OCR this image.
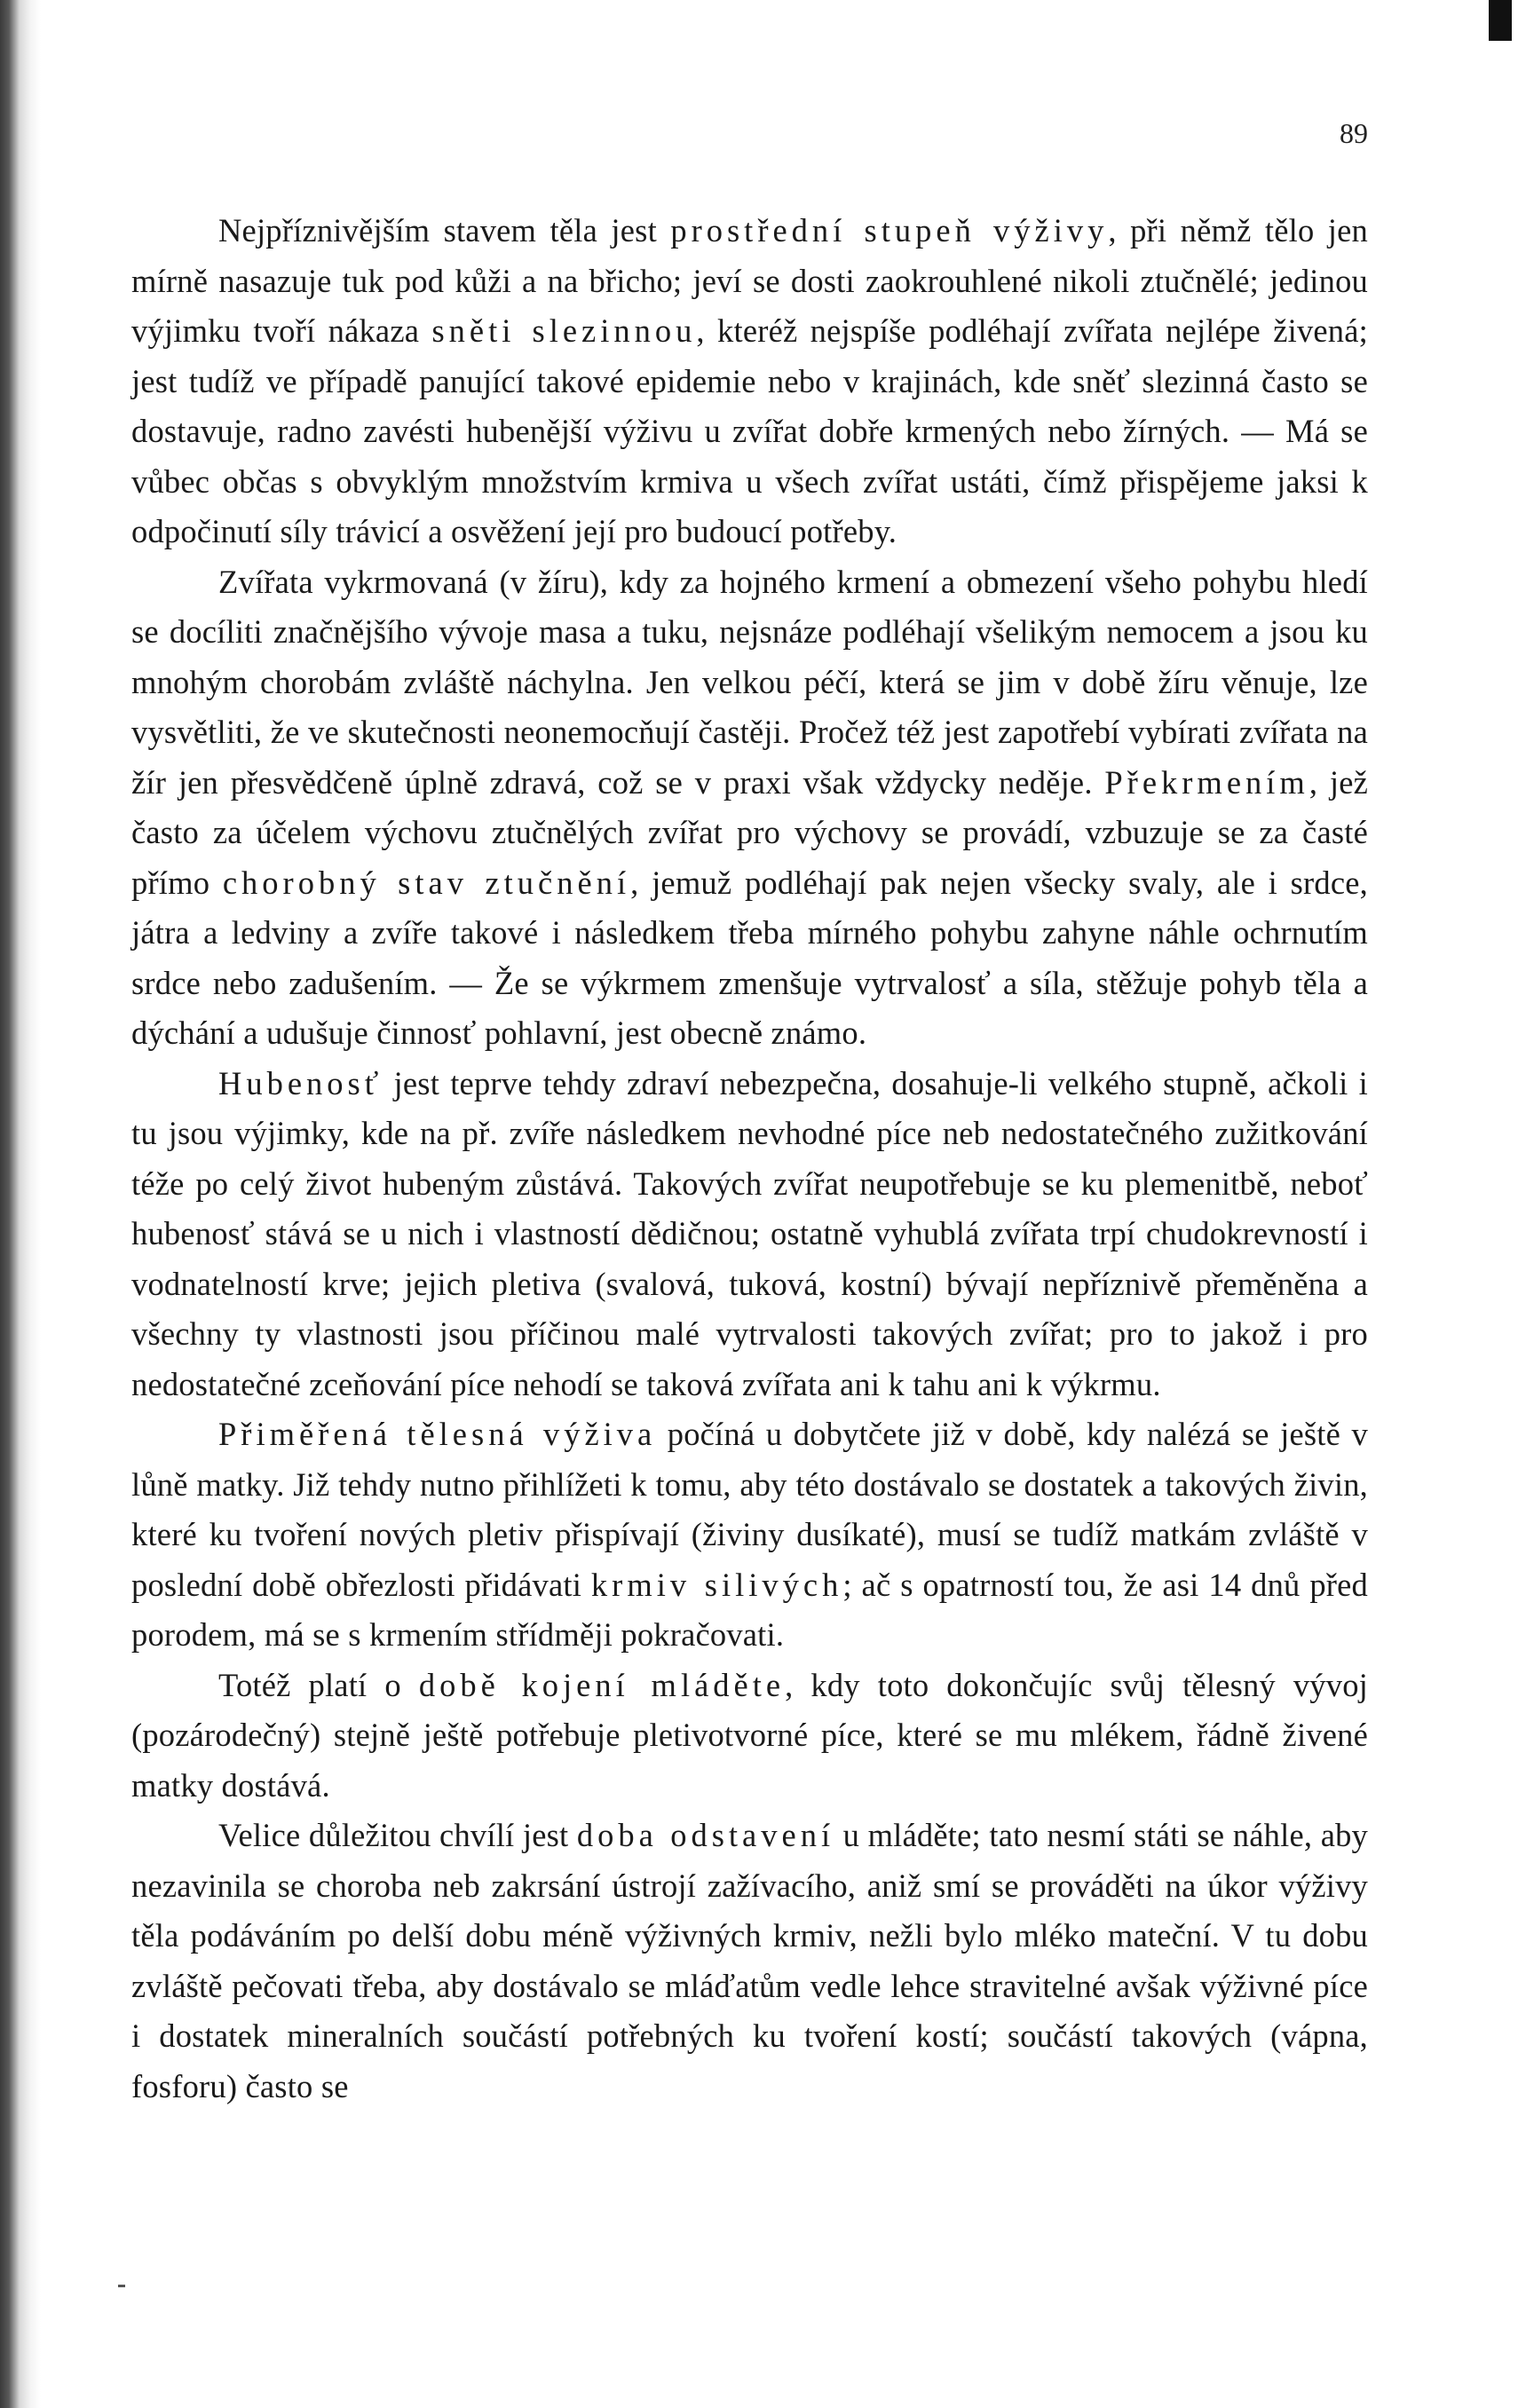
89

Nejpříznivějším stavem těla jest prostřední stupeň výživy, při němž tělo jen mírně nasazuje tuk pod kůži a na břicho; jeví se dosti zaokrouhlené nikoli ztučnělé; jedinou výjimku tvoří nákaza sněti slezinnou, kteréž nejspíše podléhají zvířata nejlépe živená; jest tudíž ve případě panující takové epidemie nebo v krajinách, kde sněť slezinná často se dostavuje, radno zavésti hubenější výživu u zvířat dobře krmených nebo žírných. — Má se vůbec občas s obvyklým množstvím krmiva u všech zvířat ustáti, čímž přispějeme jaksi k odpočinutí síly trávicí a osvěžení její pro budoucí potřeby.

Zvířata vykrmovaná (v žíru), kdy za hojného krmení a obmezení všeho pohybu hledí se docíliti značnějšího vývoje masa a tuku, nejsnáze podléhají všelikým nemocem a jsou ku mnohým chorobám zvláště náchylna. Jen velkou péčí, která se jim v době žíru věnuje, lze vysvětliti, že ve skutečnosti neonemocňují častěji. Pročež též jest zapotřebí vybírati zvířata na žír jen přesvědčeně úplně zdravá, což se v praxi však vždycky neděje. Překrmením, jež často za účelem výchovu ztučnělých zvířat pro výchovy se provádí, vzbuzuje se za časté přímo chorobný stav ztučnění, jemuž podléhají pak nejen všecky svaly, ale i srdce, játra a ledviny a zvíře takové i následkem třeba mírného pohybu zahyne náhle ochrnutím srdce nebo zadušením. — Že se výkrmem zmenšuje vytrvalosť a síla, stěžuje pohyb těla a dýchání a udušuje činnosť pohlavní, jest obecně známo.

Hubenosť jest teprve tehdy zdraví nebezpečna, dosahuje-li velkého stupně, ačkoli i tu jsou výjimky, kde na př. zvíře následkem nevhodné píce neb nedostatečného zužitkování téže po celý život hubeným zůstává. Takových zvířat neupotřebuje se ku plemenitbě, neboť hubenosť stává se u nich i vlastností dědičnou; ostatně vyhublá zvířata trpí chudokrevností i vodnatelností krve; jejich pletiva (svalová, tuková, kostní) bývají nepříznivě přeměněna a všechny ty vlastnosti jsou příčinou malé vytrvalosti takových zvířat; pro to jakož i pro nedostatečné zceňování píce nehodí se taková zvířata ani k tahu ani k výkrmu.

Přiměřená tělesná výživa počíná u dobytčete již v době, kdy nalézá se ještě v lůně matky. Již tehdy nutno přihlížeti k tomu, aby této dostávalo se dostatek a takových živin, které ku tvoření nových pletiv přispívají (živiny dusíkaté), musí se tudíž matkám zvláště v poslední době obřezlosti přidávati krmiv silivých; ač s opatrností tou, že asi 14 dnů před porodem, má se s krmením střídměji pokračovati.

Totéž platí o době kojení mláděte, kdy toto dokončujíc svůj tělesný vývoj (pozárodečný) stejně ještě potřebuje pletivotvorné píce, které se mu mlékem, řádně živené matky dostává.

Velice důležitou chvílí jest doba odstavení u mláděte; tato nesmí státi se náhle, aby nezavinila se choroba neb zakrsání ústrojí zažívacího, aniž smí se prováděti na úkor výživy těla podáváním po delší dobu méně výživných krmiv, nežli bylo mléko mateční. V tu dobu zvláště pečovati třeba, aby dostávalo se mláďatům vedle lehce stravitelné avšak výživné píce i dostatek mineralních součástí potřebných ku tvoření kostí; součástí takových (vápna, fosforu) často se
